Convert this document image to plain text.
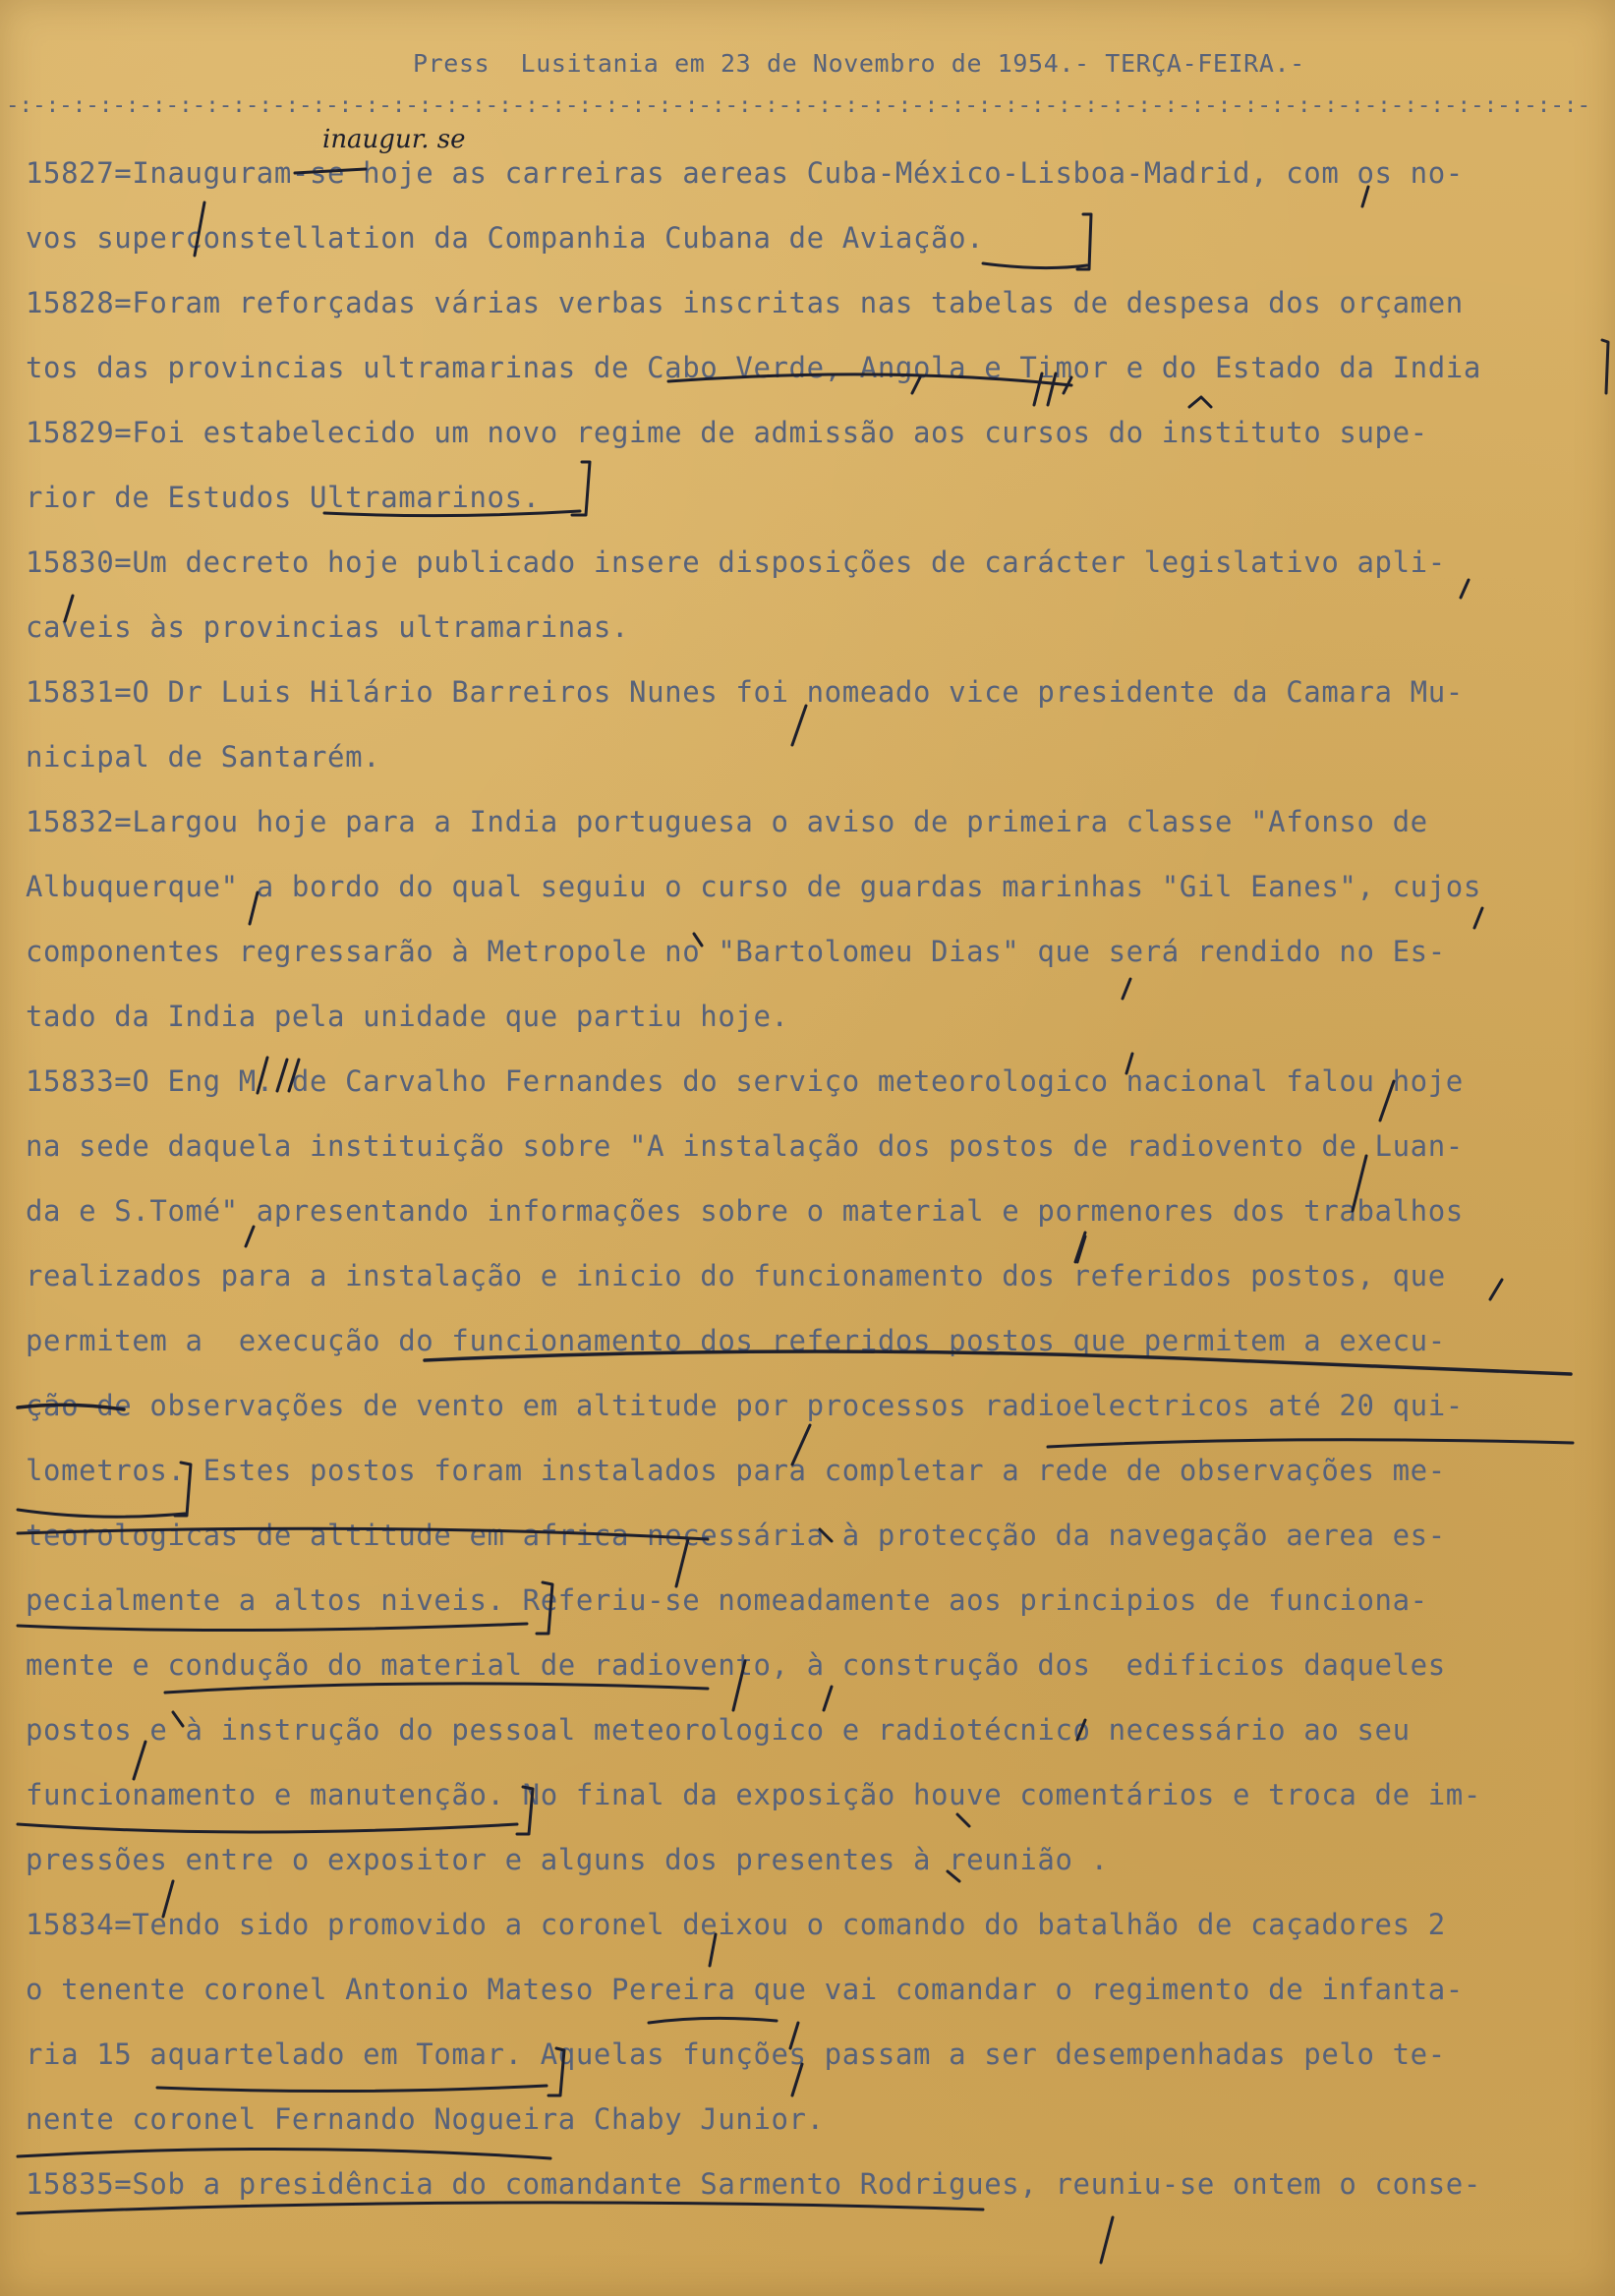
Press  Lusitania em 23 de Novembro de 1954.- TERÇA-FEIRA.-
-:-:-:-:-:-:-:-:-:-:-:-:-:-:-:-:-:-:-:-:-:-:-:-:-:-:-:-:-:-:-:-:-:-:-:-:-:-:-:-:-:-:-:-:-:-:-:-:-:-:-:-:-:-:-:-:-:-:-:-
15827=Inauguram-se hoje as carreiras aereas Cuba-México-Lisboa-Madrid, com os no-
vos superconstellation da Companhia Cubana de Aviação.
15828=Foram reforçadas várias verbas inscritas nas tabelas de despesa dos orçamen
tos das provincias ultramarinas de Cabo Verde, Angola e Timor e do Estado da India
15829=Foi estabelecido um novo regime de admissão aos cursos do instituto supe-
rior de Estudos Ultramarinos.
15830=Um decreto hoje publicado insere disposições de carácter legislativo apli-
caveis às provincias ultramarinas.
15831=O Dr Luis Hilário Barreiros Nunes foi nomeado vice presidente da Camara Mu-
nicipal de Santarém.
15832=Largou hoje para a India portuguesa o aviso de primeira classe "Afonso de
Albuquerque" a bordo do qual seguiu o curso de guardas marinhas "Gil Eanes", cujos
componentes regressarão à Metropole no "Bartolomeu Dias" que será rendido no Es-
tado da India pela unidade que partiu hoje.
15833=O Eng M. de Carvalho Fernandes do serviço meteorologico nacional falou hoje
na sede daquela instituição sobre "A instalação dos postos de radiovento de Luan-
da e S.Tomé" apresentando informações sobre o material e pormenores dos trabalhos
realizados para a instalação e inicio do funcionamento dos referidos postos, que
permitem a  execução do funcionamento dos referidos postos que permitem a execu-
ção de observações de vento em altitude por processos radioelectricos até 20 qui-
lometros. Estes postos foram instalados para completar a rede de observações me-
teorologicas de altitude em africa necessária à protecção da navegação aerea es-
pecialmente a altos niveis. Referiu-se nomeadamente aos principios de funciona-
mente e condução do material de radiovento, à construção dos  edificios daqueles
postos e à instrução do pessoal meteorologico e radiotécnico necessário ao seu
funcionamento e manutenção. No final da exposição houve comentários e troca de im-
pressões entre o expositor e alguns dos presentes à reunião .
15834=Tendo sido promovido a coronel deixou o comando do batalhão de caçadores 2
o tenente coronel Antonio Mateso Pereira que vai comandar o regimento de infanta-
ria 15 aquartelado em Tomar. Aquelas funções passam a ser desempenhadas pelo te-
nente coronel Fernando Nogueira Chaby Junior.
15835=Sob a presidência do comandante Sarmento Rodrigues, reuniu-se ontem o conse-
inaugur. se
